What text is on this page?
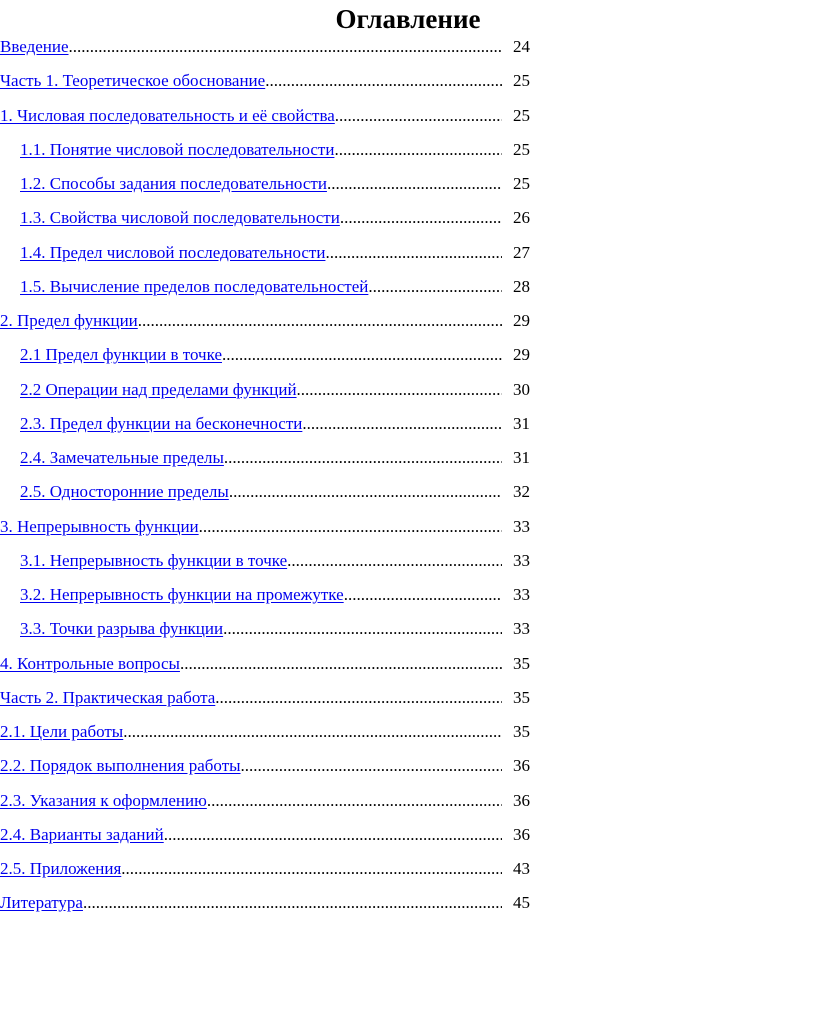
Оглавление
Введение .....	24
Часть 1. Теоретическое обоснование .....	25
1. Числовая последовательность и её свойства .....	25
1.1. Понятие числовой последовательности .....	25
1.2. Способы задания последовательности .....	25
1.3. Свойства числовой последовательности .....	26
1.4. Предел числовой последовательности .....	27
1.5. Вычисление пределов последовательностей .....	28
2. Предел функции .....	29
2.1 Предел функции в точке .....	29
2.2 Операции над пределами функций .....	30
2.3. Предел функции на бесконечности .....	31
2.4. Замечательные пределы .....	31
2.5. Односторонние пределы .....	32
3. Непрерывность функции .....	33
3.1. Непрерывность функции в точке .....	33
3.2. Непрерывность функции на промежутке .....	33
3.3. Точки разрыва функции .....	33
4. Контрольные вопросы .....	35
Часть 2. Практическая работа .....	35
2.1. Цели работы .....	35
2.2. Порядок выполнения работы .....	36
2.3. Указания к оформлению .....	36
2.4. Варианты заданий .....	36
2.5. Приложения .....	43
Литература .....	45
